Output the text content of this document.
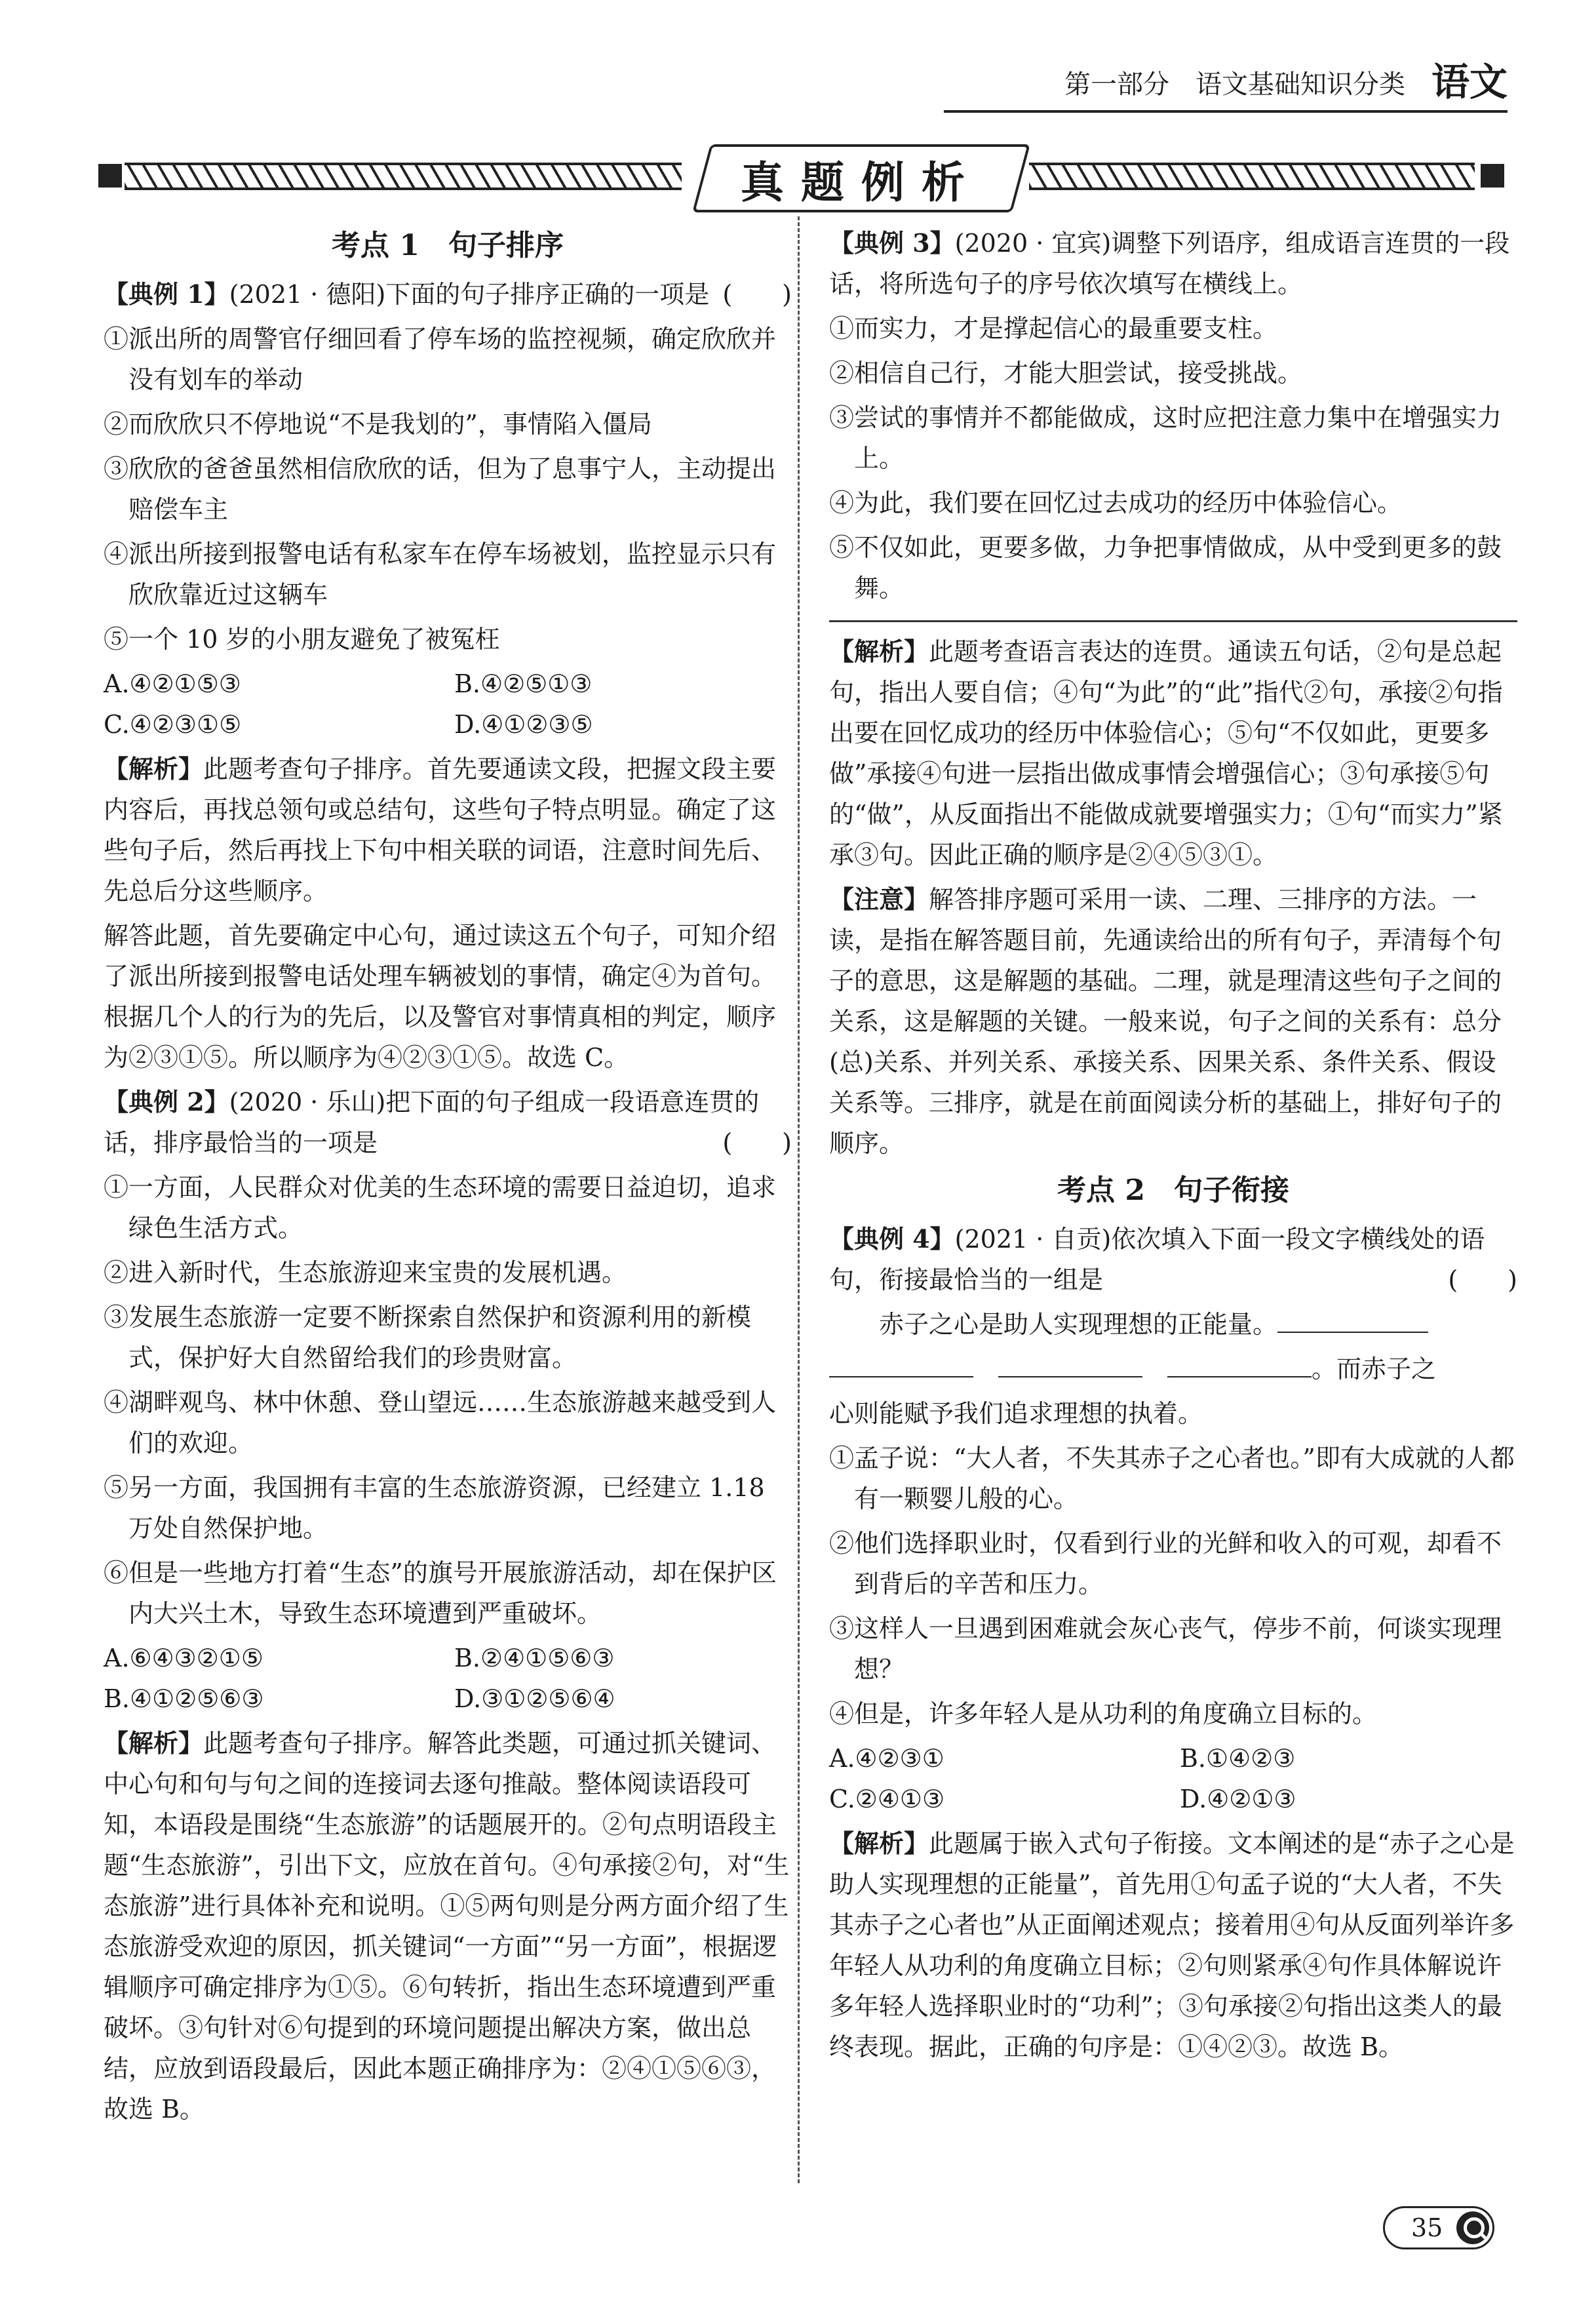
第一部分　语文基础知识分类 语文
真题例析
考点 1　句子排序

【典例 1】(2021 · 德阳)下面的句子排序正确的一项是 (　　)

①派出所的周警官仔细回看了停车场的监控视频，确定欣欣并没有划车的举动

②而欣欣只不停地说“不是我划的”，事情陷入僵局

③欣欣的爸爸虽然相信欣欣的话，但为了息事宁人，主动提出赔偿车主

④派出所接到报警电话有私家车在停车场被划，监控显示只有欣欣靠近过这辆车

⑤一个 10 岁的小朋友避免了被冤枉

A.④②①⑤③	B.④②⑤①③
C.④②③①⑤	D.④①②③⑤

【解析】此题考查句子排序。首先要通读文段，把握文段主要内容后，再找总领句或总结句，这些句子特点明显。确定了这些句子后，然后再找上下句中相关联的词语，注意时间先后、先总后分这些顺序。

解答此题，首先要确定中心句，通过读这五个句子，可知介绍了派出所接到报警电话处理车辆被划的事情，确定④为首句。根据几个人的行为的先后，以及警官对事情真相的判定，顺序为②③①⑤。所以顺序为④②③①⑤。故选 C。

【典例 2】(2020 · 乐山)把下面的句子组成一段语意连贯的话，排序最恰当的一项是	(　　)

①一方面，人民群众对优美的生态环境的需要日益迫切，追求绿色生活方式。

②进入新时代，生态旅游迎来宝贵的发展机遇。

③发展生态旅游一定要不断探索自然保护和资源利用的新模式，保护好大自然留给我们的珍贵财富。

④湖畔观鸟、林中休憩、登山望远……生态旅游越来越受到人们的欢迎。

⑤另一方面，我国拥有丰富的生态旅游资源，已经建立 1.18 万处自然保护地。

⑥但是一些地方打着“生态”的旗号开展旅游活动，却在保护区内大兴土木，导致生态环境遭到严重破坏。

A.⑥④③②①⑤	B.②④①⑤⑥③
B.④①②⑤⑥③	D.③①②⑤⑥④

【解析】此题考查句子排序。解答此类题，可通过抓关键词、中心句和句与句之间的连接词去逐句推敲。整体阅读语段可知，本语段是围绕“生态旅游”的话题展开的。②句点明语段主题“生态旅游”，引出下文，应放在首句。④句承接②句，对“生态旅游”进行具体补充和说明。①⑤两句则是分两方面介绍了生态旅游受欢迎的原因，抓关键词“一方面”“另一方面”，根据逻辑顺序可确定排序为①⑤。⑥句转折，指出生态环境遭到严重破坏。③句针对⑥句提到的环境问题提出解决方案，做出总结，应放到语段最后，因此本题正确排序为：②④①⑤⑥③，故选 B。

【典例 3】(2020 · 宜宾)调整下列语序，组成语言连贯的一段话，将所选句子的序号依次填写在横线上。

①而实力，才是撑起信心的最重要支柱。

②相信自己行，才能大胆尝试，接受挑战。

③尝试的事情并不都能做成，这时应把注意力集中在增强实力上。

④为此，我们要在回忆过去成功的经历中体验信心。

⑤不仅如此，更要多做，力争把事情做成，从中受到更多的鼓舞。

【解析】此题考查语言表达的连贯。通读五句话，②句是总起句，指出人要自信；④句“为此”的“此”指代②句，承接②句指出要在回忆成功的经历中体验信心；⑤句“不仅如此，更要多做”承接④句进一层指出做成事情会增强信心；③句承接⑤句的“做”，从反面指出不能做成就要增强实力；①句“而实力”紧承③句。因此正确的顺序是②④⑤③①。

【注意】解答排序题可采用一读、二理、三排序的方法。一读，是指在解答题目前，先通读给出的所有句子，弄清每个句子的意思，这是解题的基础。二理，就是理清这些句子之间的关系，这是解题的关键。一般来说，句子之间的关系有：总分(总)关系、并列关系、承接关系、因果关系、条件关系、假设关系等。三排序，就是在前面阅读分析的基础上，排好句子的顺序。

考点 2　句子衔接

【典例 4】(2021 · 自贡)依次填入下面一段文字横线处的语句，衔接最恰当的一组是	(　　)

赤子之心是助人实现理想的正能量。

　　。而赤子之

心则能赋予我们追求理想的执着。

①孟子说：“大人者，不失其赤子之心者也。”即有大成就的人都有一颗婴儿般的心。

②他们选择职业时，仅看到行业的光鲜和收入的可观，却看不到背后的辛苦和压力。

③这样人一旦遇到困难就会灰心丧气，停步不前，何谈实现理想？

④但是，许多年轻人是从功利的角度确立目标的。

A.④②③①	B.①④②③
C.②④①③	D.④②①③

【解析】此题属于嵌入式句子衔接。文本阐述的是“赤子之心是助人实现理想的正能量”，首先用①句孟子说的“大人者，不失其赤子之心者也”从正面阐述观点；接着用④句从反面列举许多年轻人从功利的角度确立目标；②句则紧承④句作具体解说许多年轻人选择职业时的“功利”；③句承接②句指出这类人的最终表现。据此，正确的句序是：①④②③。故选 B。

35
